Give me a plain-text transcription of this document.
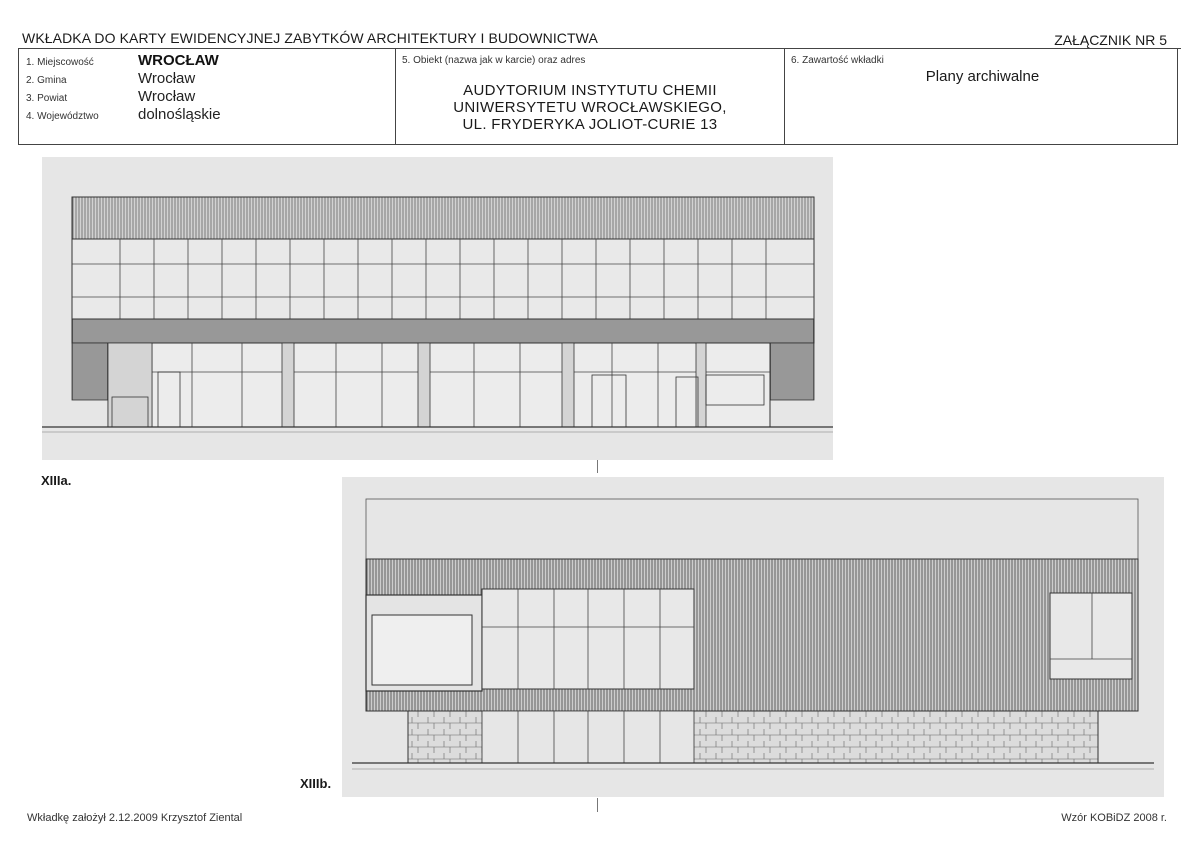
WKŁADKA DO KARTY EWIDENCYJNEJ ZABYTKÓW ARCHITEKTURY I BUDOWNICTWA	ZAŁĄCZNIK NR 5
1. Miejscowość	WROCŁAW
2. Gmina	Wrocław
3. Powiat	Wrocław
4. Województwo	dolnośląskie
5. Obiekt (nazwa jak w karcie) oraz adres
AUDYTORIUM INSTYTUTU CHEMII
UNIWERSYTETU WROCŁAWSKIEGO,
UL. FRYDERYKA JOLIOT-CURIE 13
6. Zawartość wkładki
Plany archiwalne
XIIIa.
XIIIb.
Wkładkę założył 2.12.2009 Krzysztof Ziental	Wzór KOBiDZ 2008 r.
